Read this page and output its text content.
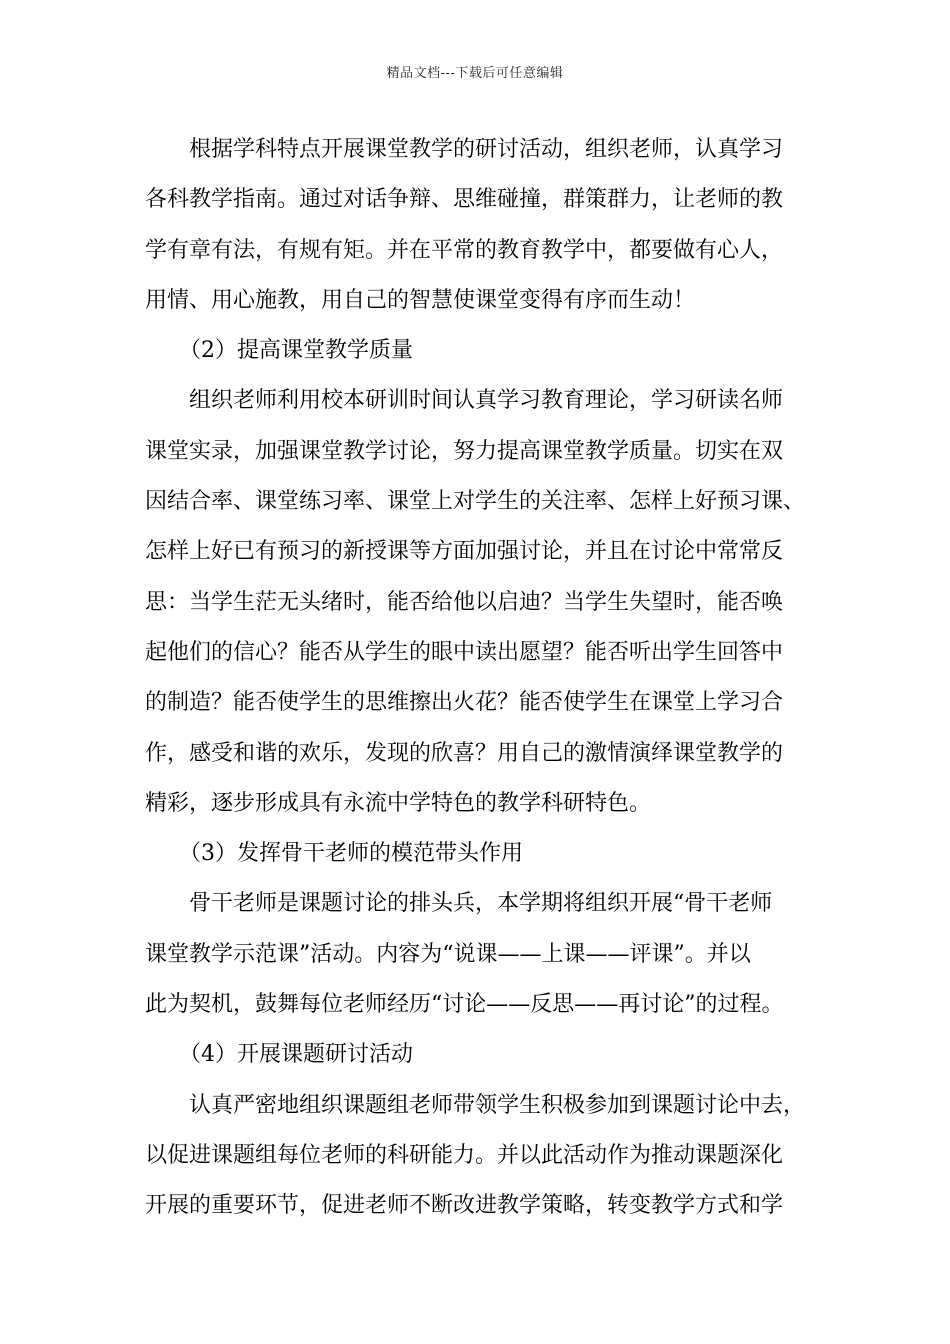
精品文档---下载后可任意编辑
根据学科特点开展课堂教学的研讨活动，组织老师，认真学习
各科教学指南。通过对话争辩、思维碰撞，群策群力，让老师的教
学有章有法，有规有矩。并在平常的教育教学中，都要做有心人，
用情、用心施教，用自己的智慧使课堂变得有序而生动！
（2）提高课堂教学质量
组织老师利用校本研训时间认真学习教育理论，学习研读名师
课堂实录，加强课堂教学讨论，努力提高课堂教学质量。切实在双
因结合率、课堂练习率、课堂上对学生的关注率、怎样上好预习课、
怎样上好已有预习的新授课等方面加强讨论，并且在讨论中常常反
思：当学生茫无头绪时，能否给他以启迪？当学生失望时，能否唤
起他们的信心？能否从学生的眼中读出愿望？能否听出学生回答中
的制造？能否使学生的思维擦出火花？能否使学生在课堂上学习合
作，感受和谐的欢乐，发现的欣喜？用自己的激情演绎课堂教学的
精彩，逐步形成具有永流中学特色的教学科研特色。
（3）发挥骨干老师的模范带头作用
骨干老师是课题讨论的排头兵，本学期将组织开展“骨干老师
课堂教学示范课”活动。内容为“说课——上课——评课”。并以
此为契机，鼓舞每位老师经历“讨论——反思——再讨论”的过程。
（4）开展课题研讨活动
认真严密地组织课题组老师带领学生积极参加到课题讨论中去，
以促进课题组每位老师的科研能力。并以此活动作为推动课题深化
开展的重要环节，促进老师不断改进教学策略，转变教学方式和学
